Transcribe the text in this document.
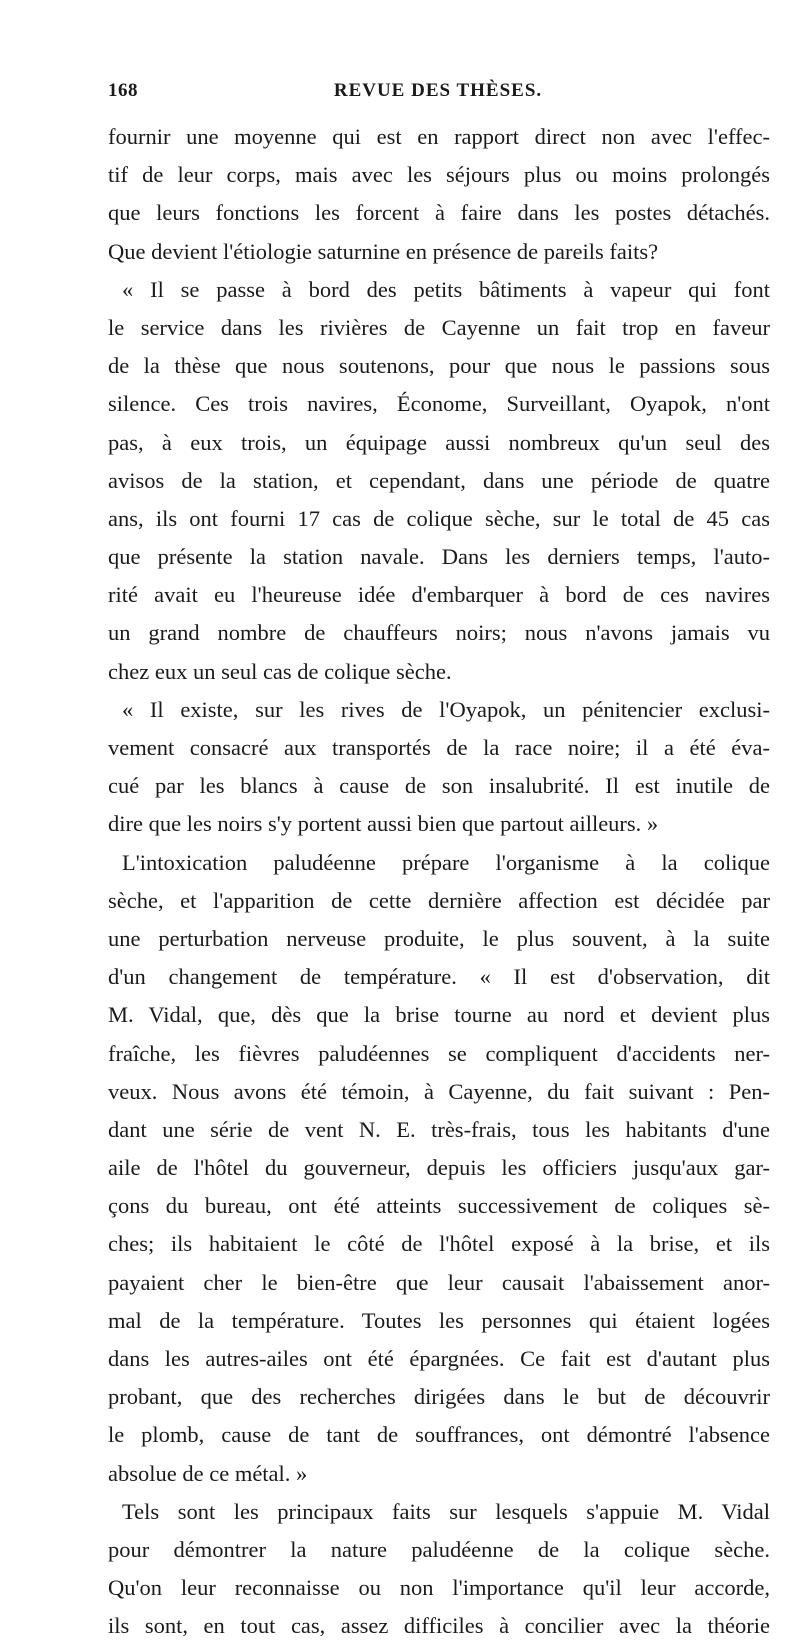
168	REVUE DES THÈSES.
fournir une moyenne qui est en rapport direct non avec l'effec-
tif de leur corps, mais avec les séjours plus ou moins prolongés
que leurs fonctions les forcent à faire dans les postes détachés.
Que devient l'étiologie saturnine en présence de pareils faits?
« Il se passe à bord des petits bâtiments à vapeur qui font
le service dans les rivières de Cayenne un fait trop en faveur
de la thèse que nous soutenons, pour que nous le passions sous
silence. Ces trois navires, Économe, Surveillant, Oyapok, n'ont
pas, à eux trois, un équipage aussi nombreux qu'un seul des
avisos de la station, et cependant, dans une période de quatre
ans, ils ont fourni 17 cas de colique sèche, sur le total de 45 cas
que présente la station navale. Dans les derniers temps, l'auto-
rité avait eu l'heureuse idée d'embarquer à bord de ces navires
un grand nombre de chauffeurs noirs; nous n'avons jamais vu
chez eux un seul cas de colique sèche.
« Il existe, sur les rives de l'Oyapok, un pénitencier exclusi-
vement consacré aux transportés de la race noire; il a été éva-
cué par les blancs à cause de son insalubrité. Il est inutile de
dire que les noirs s'y portent aussi bien que partout ailleurs. »
L'intoxication paludéenne prépare l'organisme à la colique
sèche, et l'apparition de cette dernière affection est décidée par
une perturbation nerveuse produite, le plus souvent, à la suite
d'un changement de température. « Il est d'observation, dit
M. Vidal, que, dès que la brise tourne au nord et devient plus
fraîche, les fièvres paludéennes se compliquent d'accidents ner-
veux. Nous avons été témoin, à Cayenne, du fait suivant : Pen-
dant une série de vent N. E. très-frais, tous les habitants d'une
aile de l'hôtel du gouverneur, depuis les officiers jusqu'aux gar-
çons du bureau, ont été atteints successivement de coliques sè-
ches; ils habitaient le côté de l'hôtel exposé à la brise, et ils
payaient cher le bien-être que leur causait l'abaissement anor-
mal de la température. Toutes les personnes qui étaient logées
dans les autres-ailes ont été épargnées. Ce fait est d'autant plus
probant, que des recherches dirigées dans le but de découvrir
le plomb, cause de tant de souffrances, ont démontré l'absence
absolue de ce métal. »
Tels sont les principaux faits sur lesquels s'appuie M. Vidal
pour démontrer la nature paludéenne de la colique sèche.
Qu'on leur reconnaisse ou non l'importance qu'il leur accorde,
ils sont, en tout cas, assez difficiles à concilier avec la théorie
